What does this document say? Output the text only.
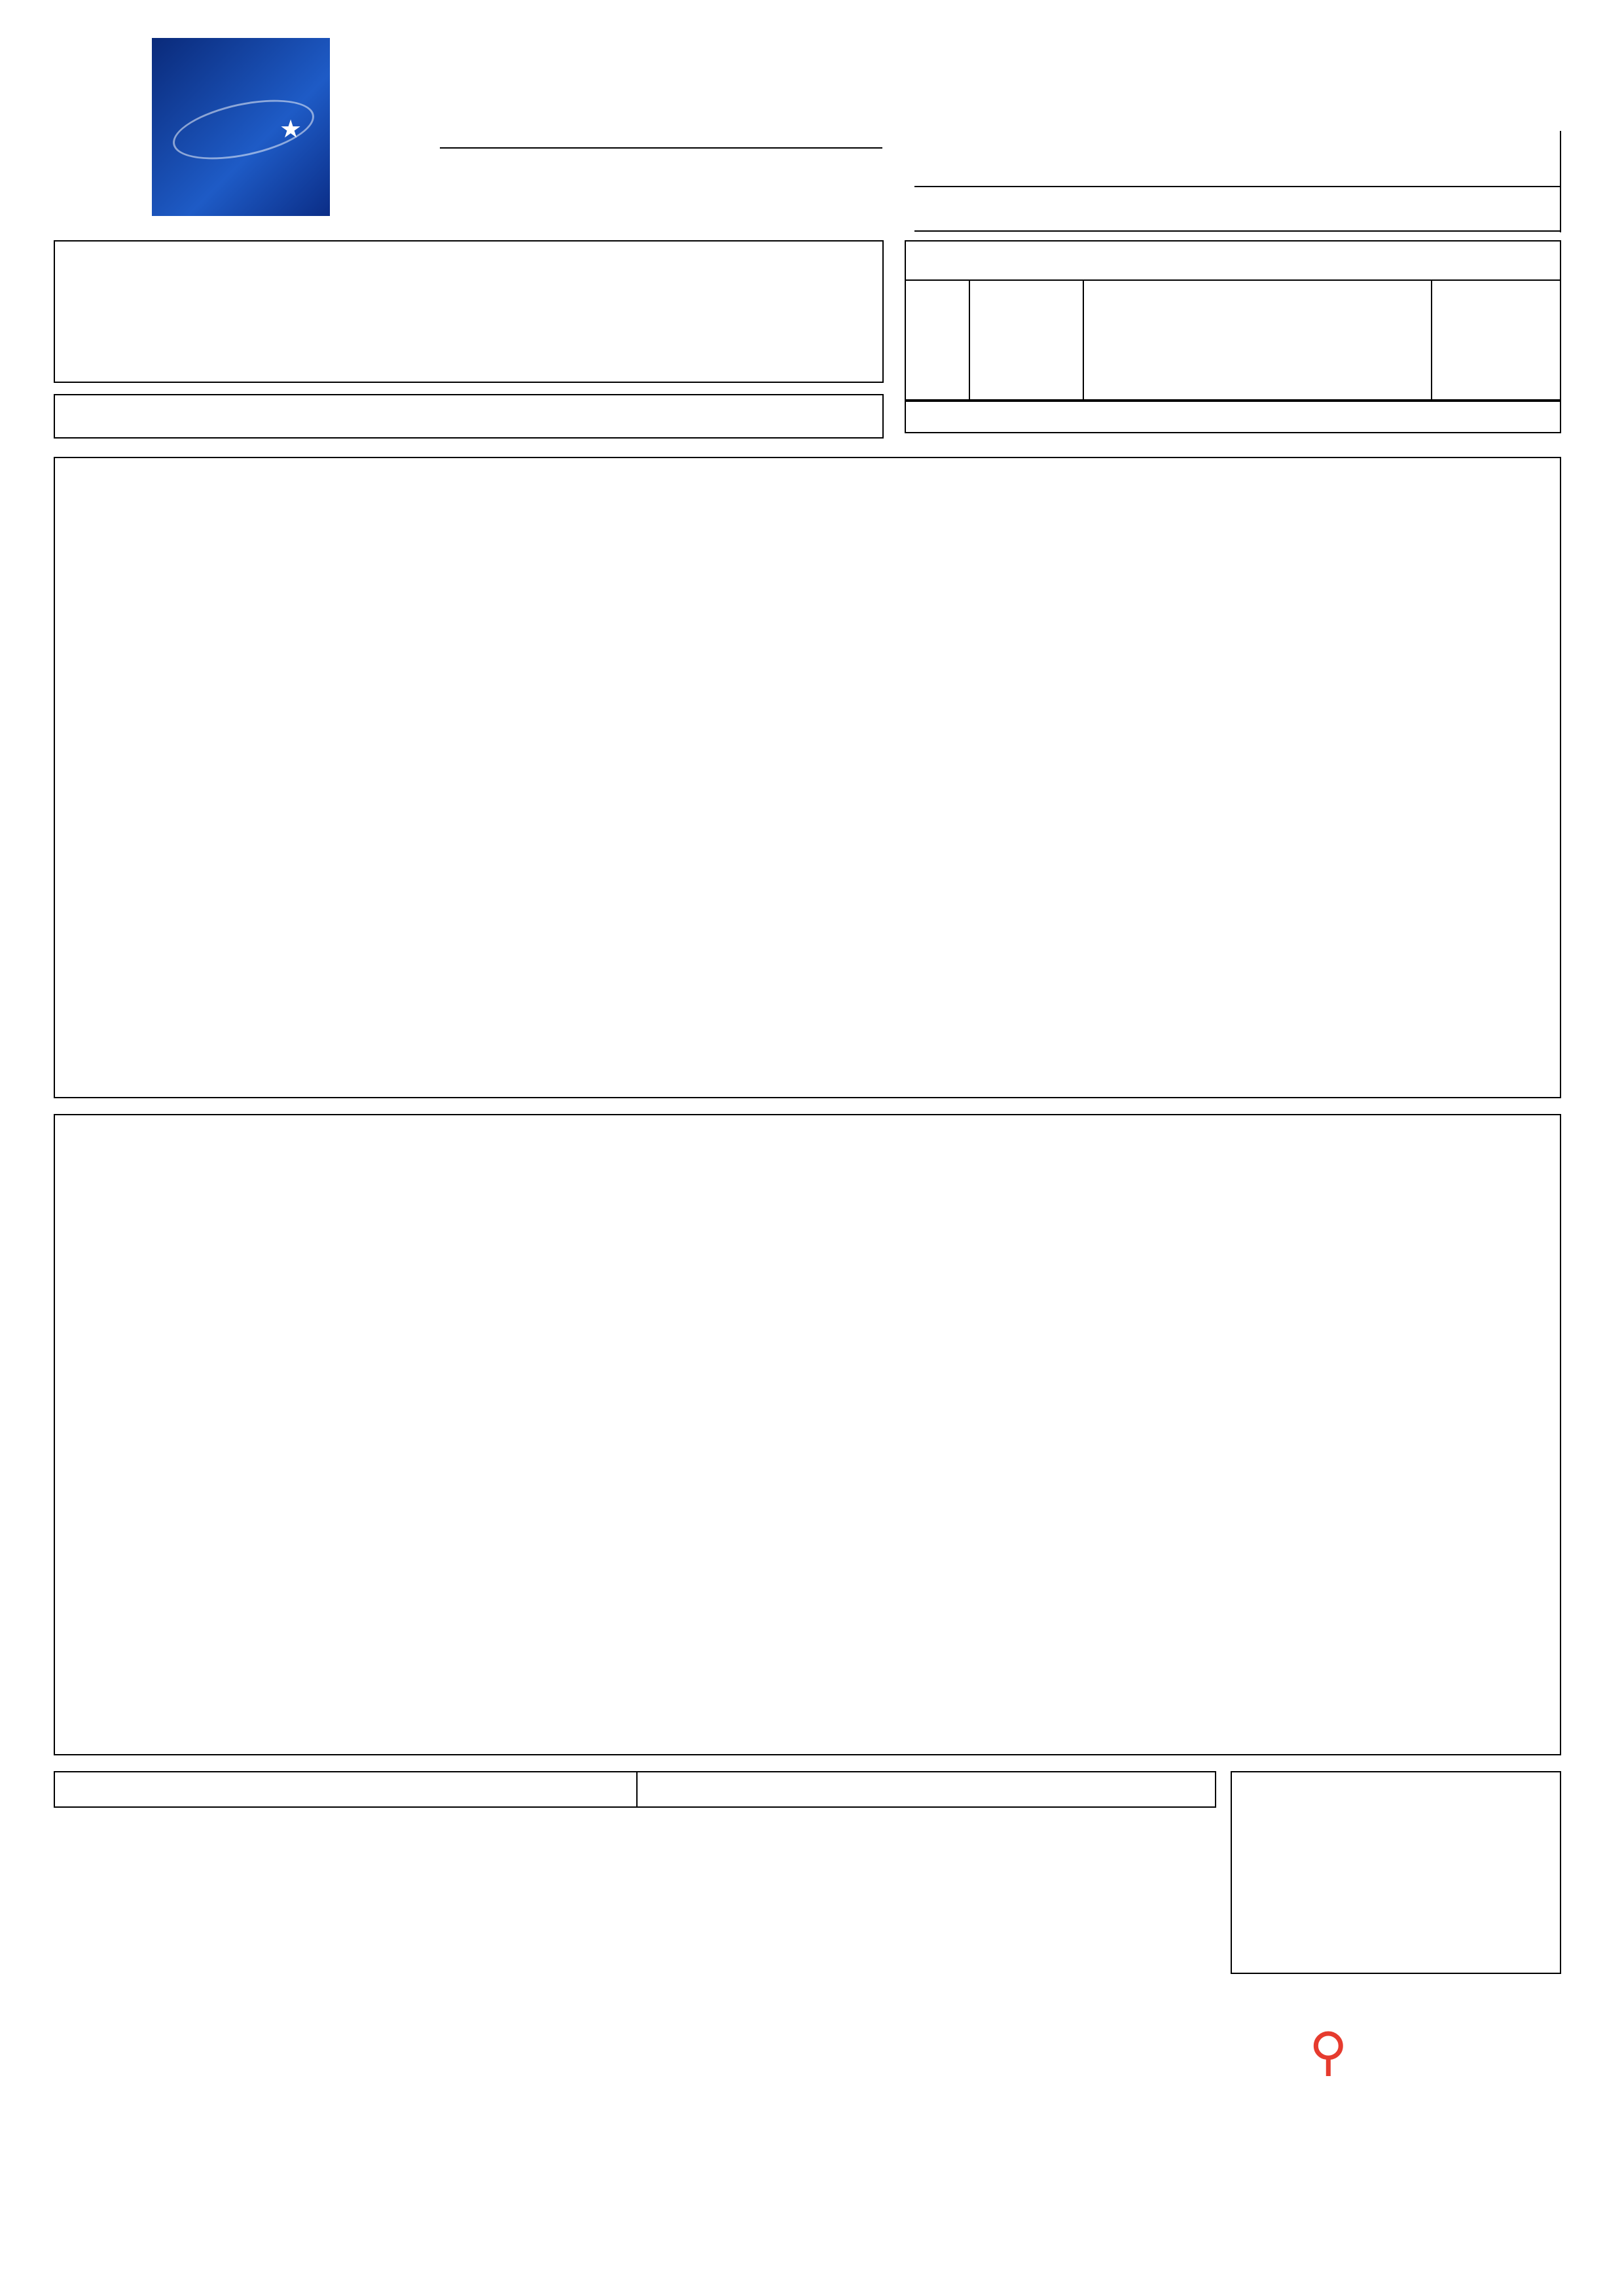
★
⚲
